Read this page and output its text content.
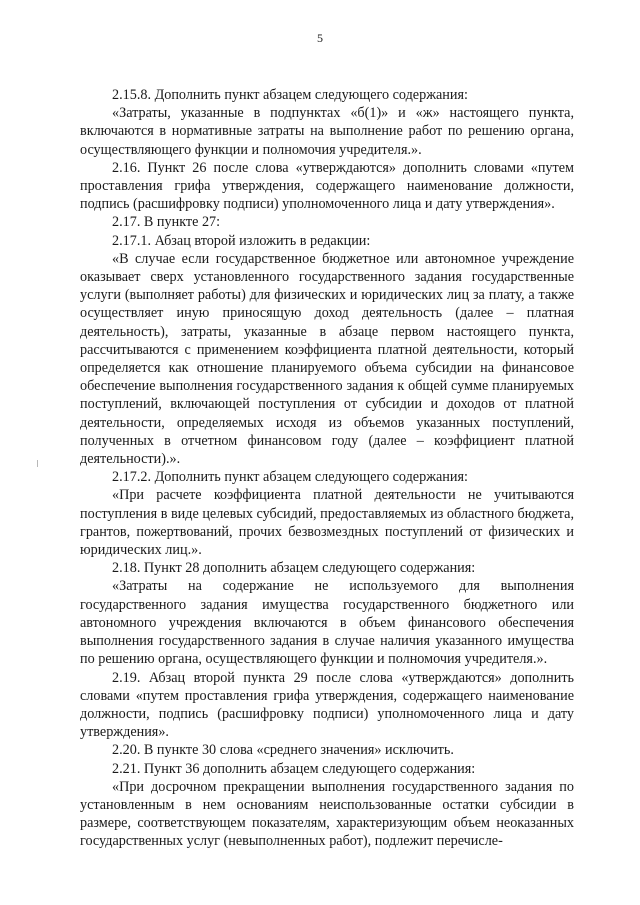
5

2.15.8. Дополнить пункт абзацем следующего содержания:

«Затраты, указанные в подпунктах «б(1)» и «ж» настоящего пункта, включаются в нормативные затраты на выполнение работ по решению органа, осуществляющего функции и полномочия учредителя.».

2.16. Пункт 26 после слова «утверждаются» дополнить словами «путем проставления грифа утверждения, содержащего наименование должности, подпись (расшифровку подписи) уполномоченного лица и дату утверждения».

2.17. В пункте 27:

2.17.1. Абзац второй изложить в редакции:

«В случае если государственное бюджетное или автономное учреждение оказывает сверх установленного государственного задания государственные услуги (выполняет работы) для физических и юридических лиц за плату, а также осуществляет иную приносящую доход деятельность (далее – платная деятельность), затраты, указанные в абзаце первом настоящего пункта, рассчитываются с применением коэффициента платной деятельности, который определяется как отношение планируемого объема субсидии на финансовое обеспечение выполнения государственного задания к общей сумме планируемых поступлений, включающей поступления от субсидии и доходов от платной деятельности, определяемых исходя из объемов указанных поступлений, полученных в отчетном финансовом году (далее – коэффициент платной деятельности).».

2.17.2. Дополнить пункт абзацем следующего содержания:

«При расчете коэффициента платной деятельности не учитываются поступления в виде целевых субсидий, предоставляемых из областного бюджета, грантов, пожертвований, прочих безвозмездных поступлений от физических и юридических лиц.».

2.18. Пункт 28 дополнить абзацем следующего содержания:

«Затраты на содержание не используемого для выполнения государственного задания имущества государственного бюджетного или автономного учреждения включаются в объем финансового обеспечения выполнения государственного задания в случае наличия указанного имущества по решению органа, осуществляющего функции и полномочия учредителя.».

2.19. Абзац второй пункта 29 после слова «утверждаются» дополнить словами «путем проставления грифа утверждения, содержащего наименование должности, подпись (расшифровку подписи) уполномоченного лица и дату утверждения».

2.20. В пункте 30 слова «среднего значения» исключить.

2.21. Пункт 36 дополнить абзацем следующего содержания:

«При досрочном прекращении выполнения государственного задания по установленным в нем основаниям неиспользованные остатки субсидии в размере, соответствующем показателям, характеризующим объем неоказанных государственных услуг (невыполненных работ), подлежит перечисле-
